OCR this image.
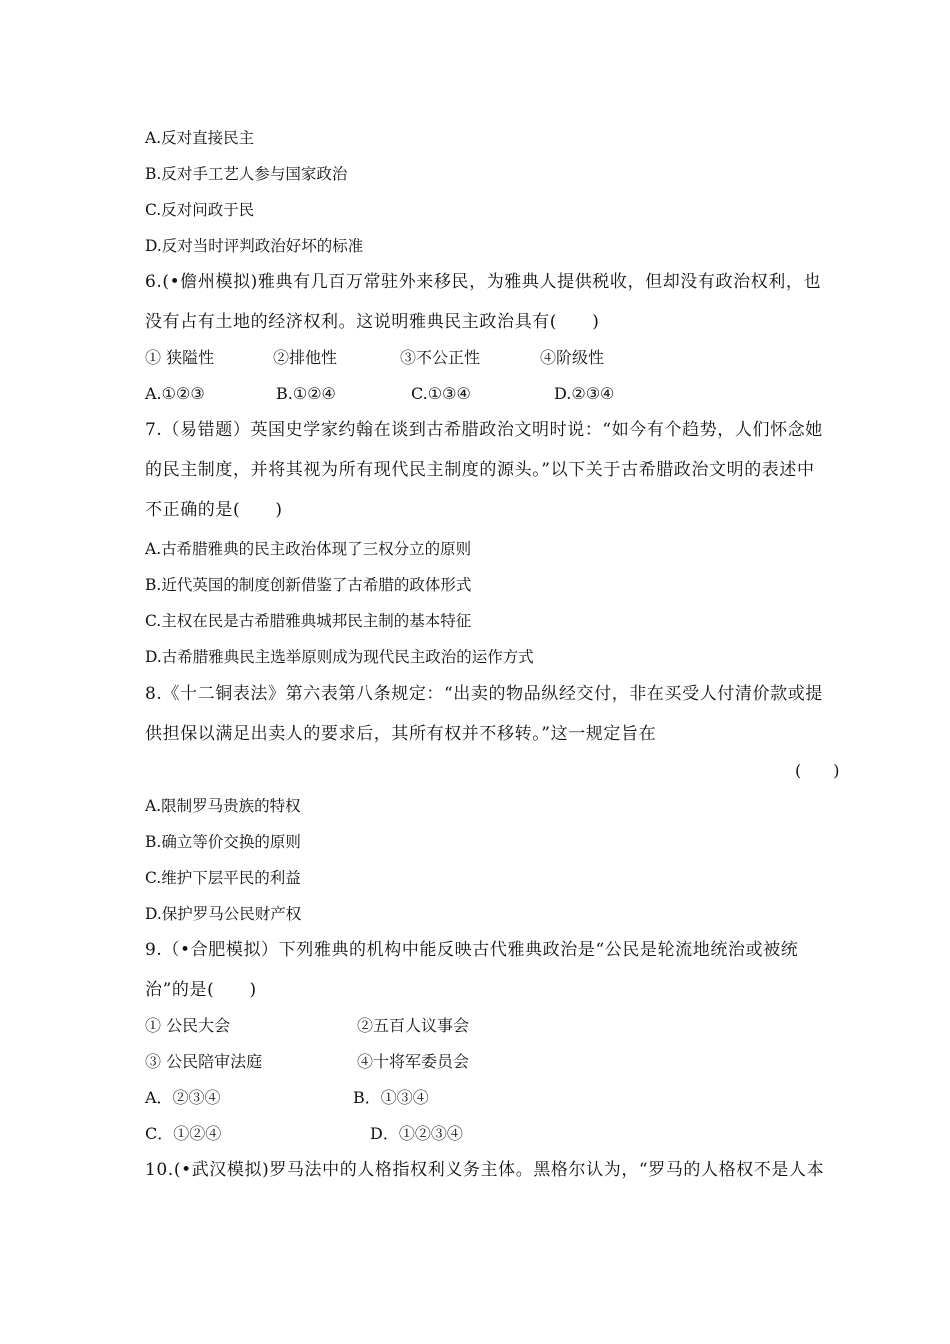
A.反对直接民主
B.反对手工艺人参与国家政治
C.反对问政于民
D.反对当时评判政治好坏的标准
6.(•儋州模拟)雅典有几百万常驻外来移民，为雅典人提供税收，但却没有政治权利，也
没有占有土地的经济权利。这说明雅典民主政治具有(　　)
① 狭隘性	②排他性	③不公正性	④阶级性
A.①②③	B.①②④	C.①③④	D.②③④
7.（易错题）英国史学家约翰在谈到古希腊政治文明时说：“如今有个趋势，人们怀念她
的民主制度，并将其视为所有现代民主制度的源头。”以下关于古希腊政治文明的表述中
不正确的是(　　)
A.古希腊雅典的民主政治体现了三权分立的原则
B.近代英国的制度创新借鉴了古希腊的政体形式
C.主权在民是古希腊雅典城邦民主制的基本特征
D.古希腊雅典民主选举原则成为现代民主政治的运作方式
8.《十二铜表法》第六表第八条规定：“出卖的物品纵经交付，非在买受人付清价款或提
供担保以满足出卖人的要求后，其所有权并不移转。”这一规定旨在
(　　)
A.限制罗马贵族的特权
B.确立等价交换的原则
C.维护下层平民的利益
D.保护罗马公民财产权
9.（•合肥模拟）下列雅典的机构中能反映古代雅典政治是“公民是轮流地统治或被统
治”的是(　　)
① 公民大会	②五百人议事会
③ 公民陪审法庭	④十将军委员会
A．②③④	B．①③④
C．①②④	D．①②③④
10.(•武汉模拟)罗马法中的人格指权利义务主体。黑格尔认为，“罗马的人格权不是人本
